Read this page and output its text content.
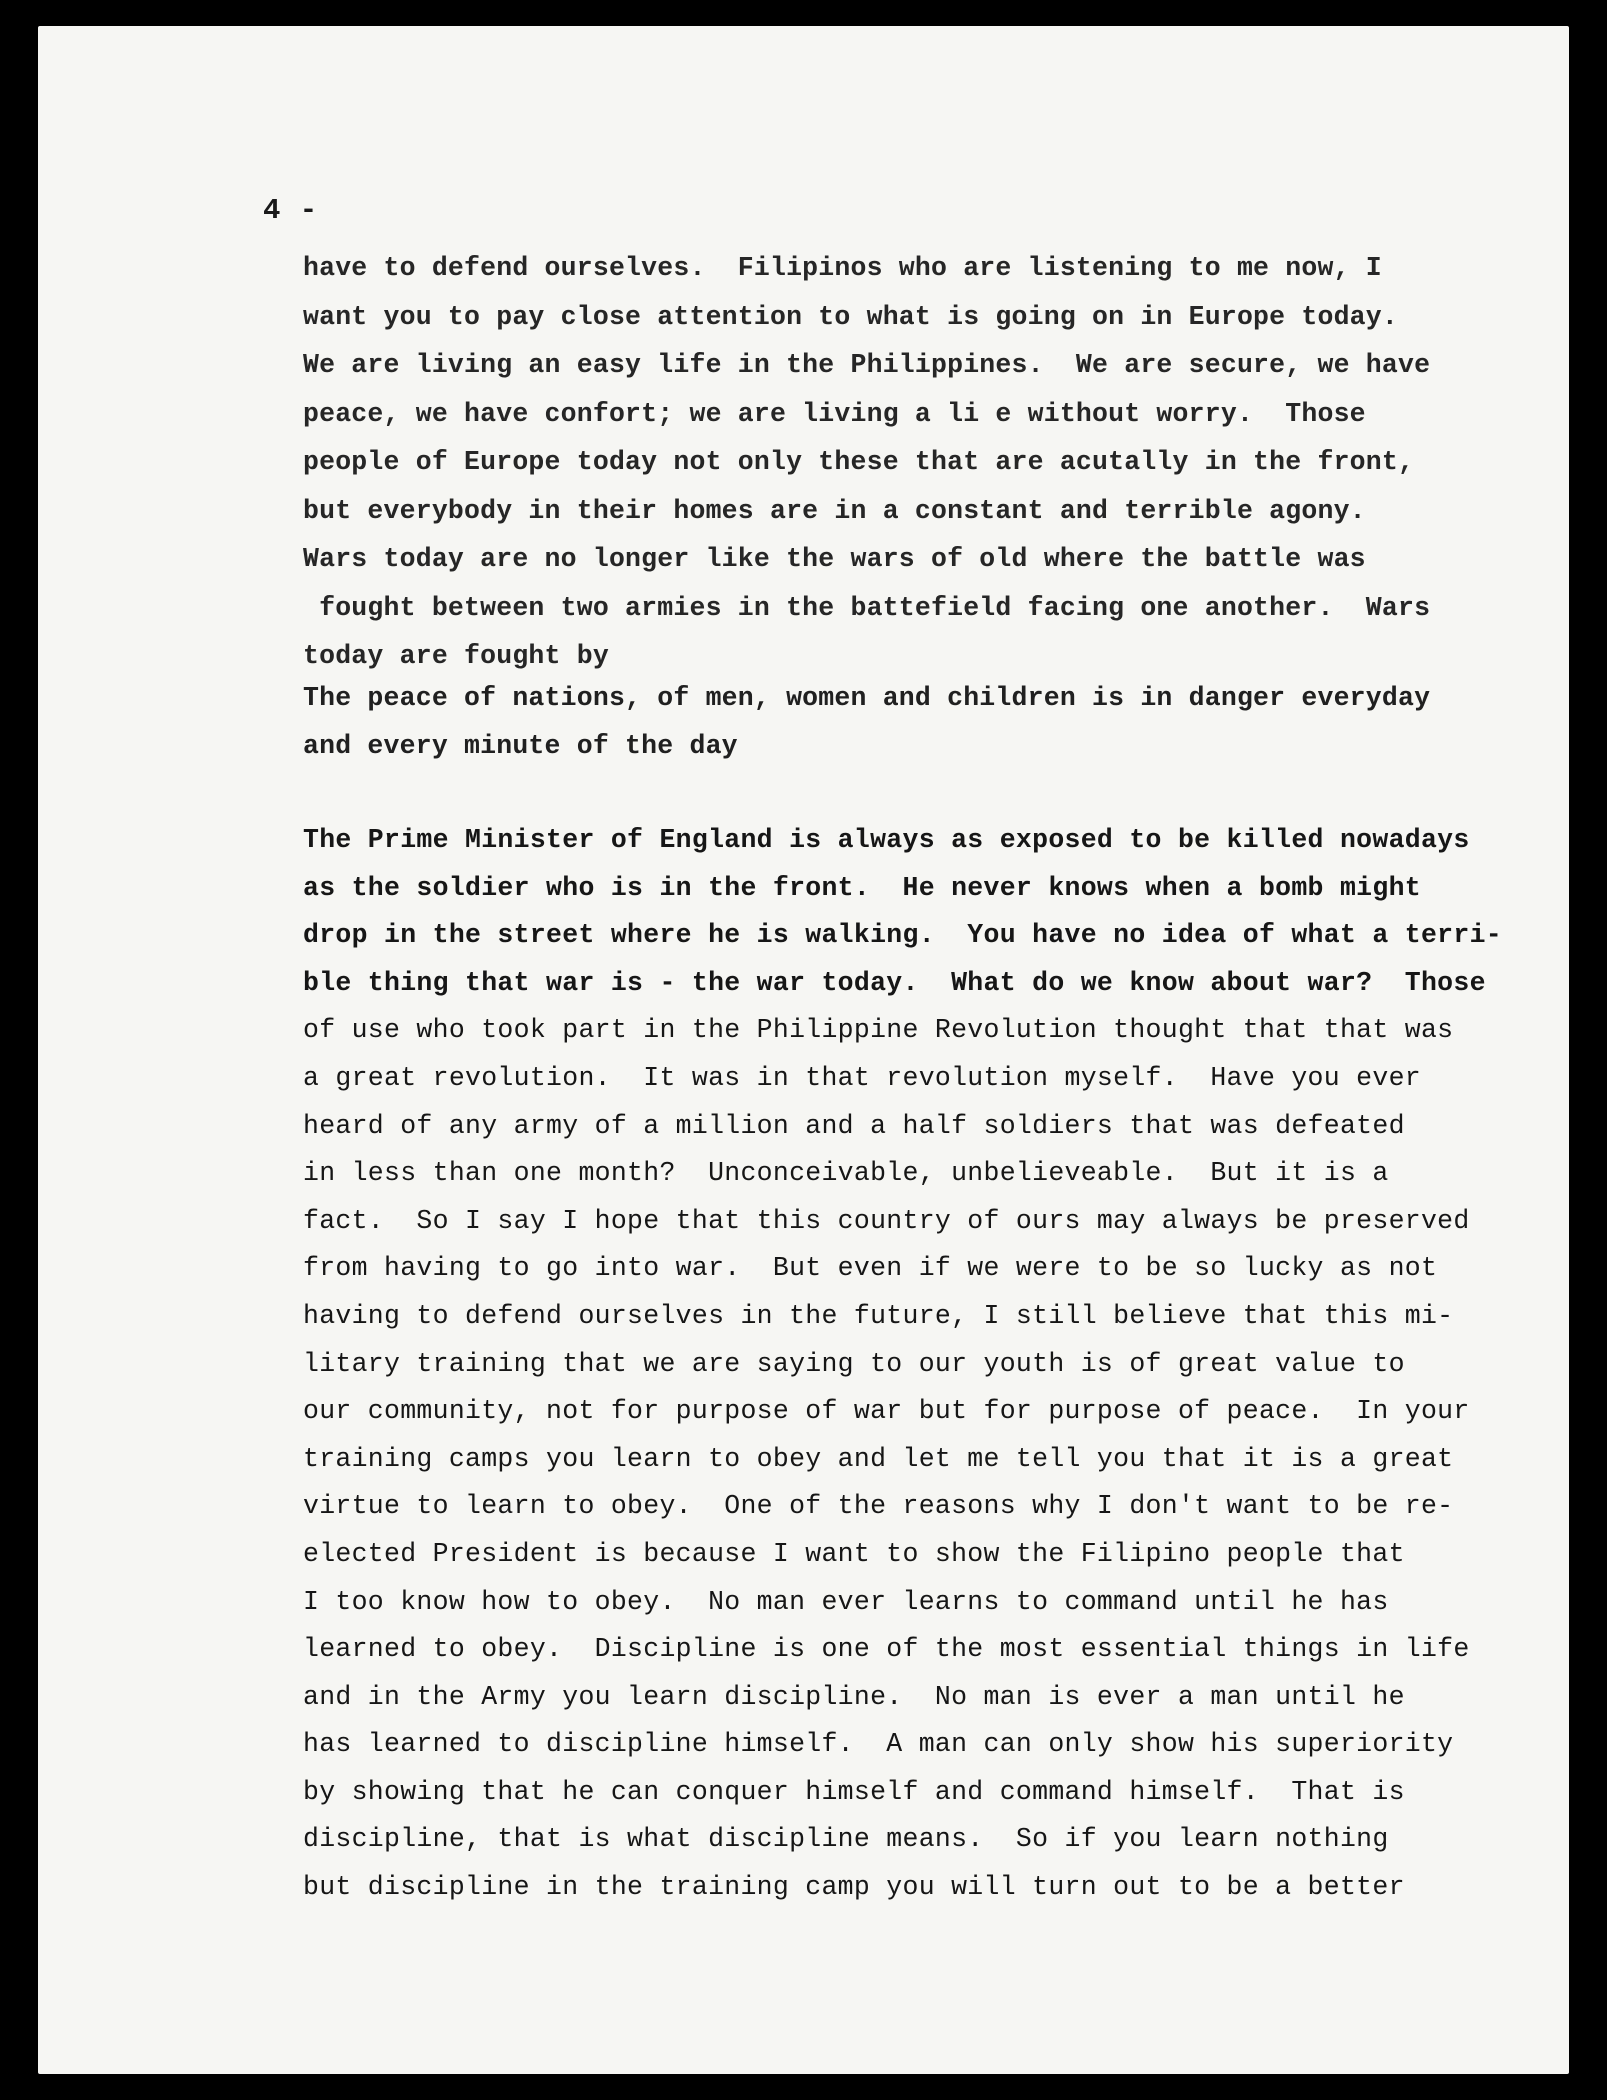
4 -

have to defend ourselves.  Filipinos who are listening to me now, I
want you to pay close attention to what is going on in Europe today.
We are living an easy life in the Philippines.  We are secure, we have
peace, we have confort; we are living a li e without worry.  Those
people of Europe today not only these that are acutally in the front,
but everybody in their homes are in a constant and terrible agony.
Wars today are no longer like the wars of old where the battle was
fought between two armies in the battefield facing one another.  Wars
today are fought by

The peace of nations, of men, women and children is in danger everyday
and every minute of the day

The Prime Minister of England is always as exposed to be killed nowadays
as the soldier who is in the front.  He never knows when a bomb might
drop in the street where he is walking.  You have no idea of what a terri-
ble thing that war is - the war today.  What do we know about war?  Those
of use who took part in the Philippine Revolution thought that that was
a great revolution.  It was in that revolution myself.  Have you ever
heard of any army of a million and a half soldiers that was defeated
in less than one month?  Unconceivable, unbelieveable.  But it is a
fact.  So I say I hope that this country of ours may always be preserved
from having to go into war.  But even if we were to be so lucky as not
having to defend ourselves in the future, I still believe that this mi-
litary training that we are saying to our youth is of great value to
our community, not for purpose of war but for purpose of peace.  In your
training camps you learn to obey and let me tell you that it is a great
virtue to learn to obey.  One of the reasons why I don't want to be re-
elected President is because I want to show the Filipino people that
I too know how to obey.  No man ever learns to command until he has
learned to obey.  Discipline is one of the most essential things in life
and in the Army you learn discipline.  No man is ever a man until he
has learned to discipline himself.  A man can only show his superiority
by showing that he can conquer himself and command himself.  That is
discipline, that is what discipline means.  So if you learn nothing
but discipline in the training camp you will turn out to be a better
